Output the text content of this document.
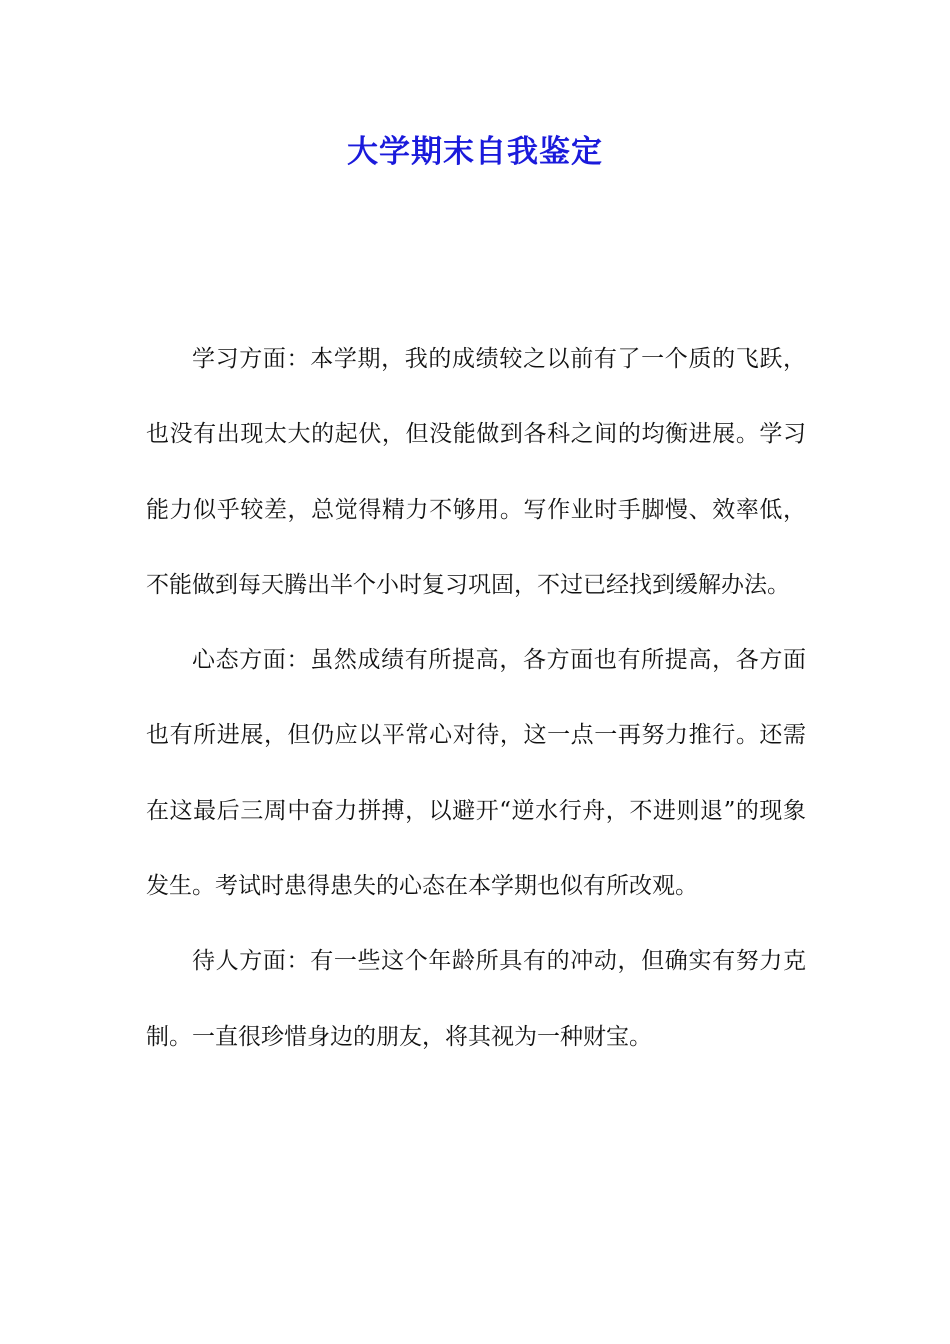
大学期末自我鉴定

学习方面：本学期，我的成绩较之以前有了一个质的飞跃，也没有出现太大的起伏，但没能做到各科之间的均衡进展。学习能力似乎较差，总觉得精力不够用。写作业时手脚慢、效率低，不能做到每天腾出半个小时复习巩固，不过已经找到缓解办法。

心态方面：虽然成绩有所提高，各方面也有所提高，各方面也有所进展，但仍应以平常心对待，这一点一再努力推行。还需在这最后三周中奋力拼搏，以避开“逆水行舟，不进则退”的现象发生。考试时患得患失的心态在本学期也似有所改观。

待人方面：有一些这个年龄所具有的冲动，但确实有努力克制。一直很珍惜身边的朋友，将其视为一种财宝。
